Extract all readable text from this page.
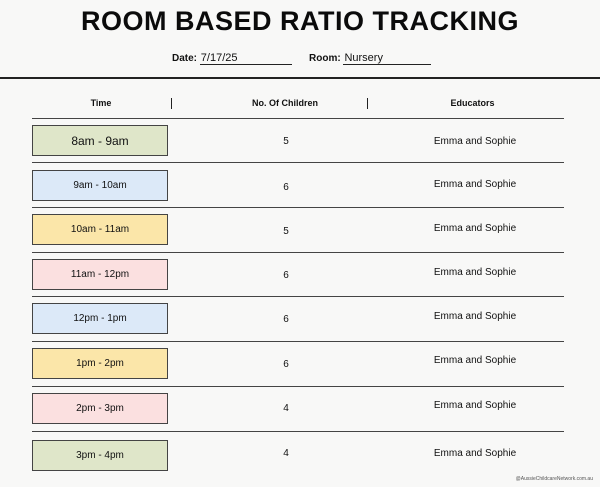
ROOM BASED RATIO TRACKING
Date: 7/17/25	Room: Nursery
Time	No. Of Children	Educators
8am - 9am	5	Emma and Sophie
9am - 10am	6	Emma and Sophie
10am - 11am	5	Emma and Sophie
11am - 12pm	6	Emma and Sophie
12pm - 1pm	6	Emma and Sophie
1pm - 2pm	6	Emma and Sophie
2pm - 3pm	4	Emma and Sophie
3pm - 4pm	4	Emma and Sophie
@AussieChildcareNetwork.com.au
